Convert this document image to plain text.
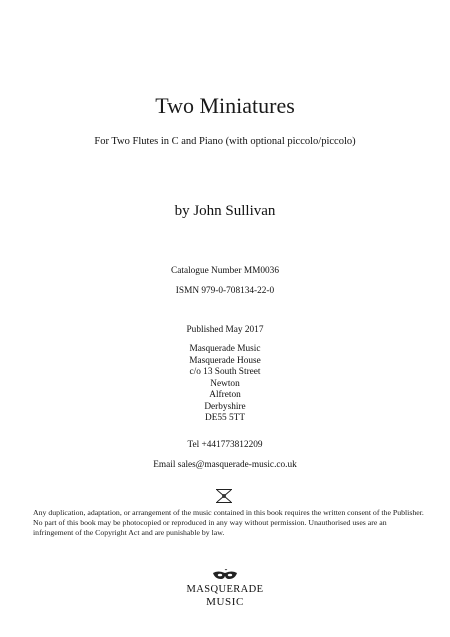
Two Miniatures
For Two Flutes in C and Piano (with optional piccolo/piccolo)
by John Sullivan
Catalogue Number MM0036
ISMN 979-0-708134-22-0
Published May 2017
Masquerade Music
Masquerade House
c/o 13 South Street
Newton
Alfreton
Derbyshire
DE55 5TT
Tel +441773812209
Email sales@masquerade-music.co.uk
Any duplication, adaptation, or arrangement of the music contained in this book requires the written consent of the Publisher. No part of this book may be photocopied or reproduced in any way without permission. Unauthorised uses are an infringement of the Copyright Act and are punishable by law.
MASQUERADE
MUSIC
